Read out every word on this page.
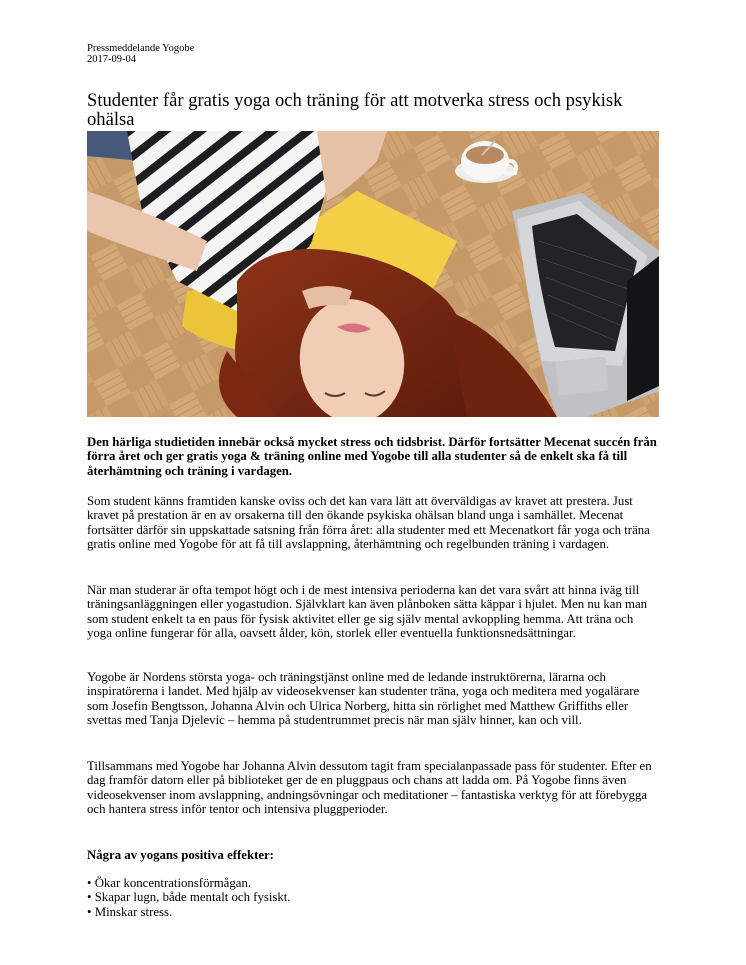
Pressmeddelande Yogobe
2017-09-04
Studenter får gratis yoga och träning för att motverka stress och psykisk ohälsa

Den härliga studietiden innebär också mycket stress och tidsbrist. Därför fortsätter Mecenat succén från förra året och ger gratis yoga & träning online med Yogobe till alla studenter så de enkelt ska få till återhämtning och träning i vardagen.

Som student känns framtiden kanske oviss och det kan vara lätt att överväldigas av kravet att prestera. Just kravet på prestation är en av orsakerna till den ökande psykiska ohälsan bland unga i samhället. Mecenat fortsätter därför sin uppskattade satsning från förra året: alla studenter med ett Mecenatkort får yoga och träna gratis online med Yogobe för att få till avslappning, återhämtning och regelbunden träning i vardagen.

När man studerar är ofta tempot högt och i de mest intensiva perioderna kan det vara svårt att hinna iväg till träningsanläggningen eller yogastudion. Självklart kan även plånboken sätta käppar i hjulet. Men nu kan man som student enkelt ta en paus för fysisk aktivitet eller ge sig själv mental avkoppling hemma. Att träna och yoga online fungerar för alla, oavsett ålder, kön, storlek eller eventuella funktionsnedsättningar.

Yogobe är Nordens största yoga- och träningstjänst online med de ledande instruktörerna, lärarna och inspiratörerna i landet. Med hjälp av videosekvenser kan studenter träna, yoga och meditera med yogalärare som Josefin Bengtsson, Johanna Alvin och Ulrica Norberg, hitta sin rörlighet med Matthew Griffiths eller svettas med Tanja Djelevic – hemma på studentrummet precis när man själv hinner, kan och vill.

Tillsammans med Yogobe har Johanna Alvin dessutom tagit fram specialanpassade pass för studenter. Efter en dag framför datorn eller på biblioteket ger de en pluggpaus och chans att ladda om. På Yogobe finns även videosekvenser inom avslappning, andningsövningar och meditationer – fantastiska verktyg för att förebygga och hantera stress inför tentor och intensiva pluggperioder.

Några av yogans positiva effekter:

• Ökar koncentrationsförmågan.
• Skapar lugn, både mentalt och fysiskt.
• Minskar stress.
